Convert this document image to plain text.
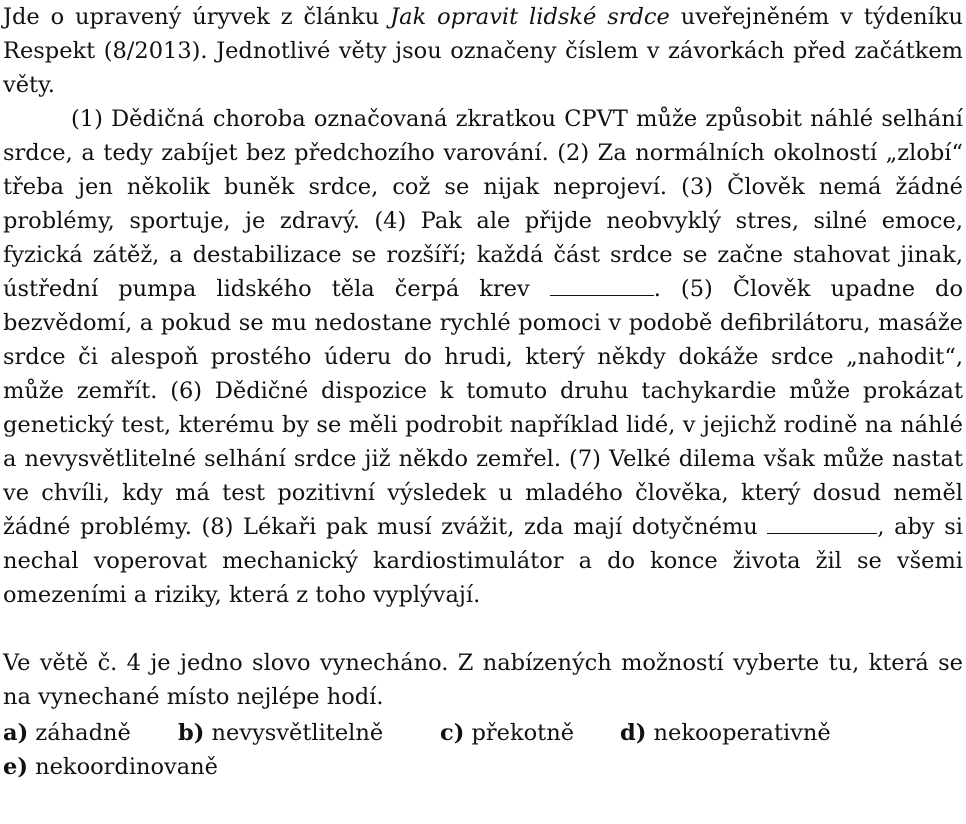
Jde o upravený úryvek z článku Jak opravit lidské srdce uveřejněném v týdeníku Respekt (8/2013). Jednotlivé věty jsou označeny číslem v závorkách před začátkem věty.

(1) Dědičná choroba označovaná zkratkou CPVT může způsobit náhlé selhání srdce, a tedy zabíjet bez předchozího varování. (2) Za normálních okolností „zlobí“ třeba jen několik buněk srdce, což se nijak neprojeví. (3) Člověk nemá žádné problémy, sportuje, je zdravý. (4) Pak ale přijde neobvyklý stres, silné emoce, fyzická zátěž, a destabilizace se rozšíří; každá část srdce se začne stahovat jinak, ústřední pumpa lidského těla čerpá krev	. (5) Člověk upadne do bezvědomí, a pokud se mu nedostane rychlé pomoci v podobě defibrilátoru, masáže srdce či alespoň prostého úderu do hrudi, který někdy dokáže srdce „nahodit“, může zemřít. (6) Dědičné dispozice k tomuto druhu tachykardie může prokázat genetický test, kterému by se měli podrobit například lidé, v jejichž rodině na náhlé a nevysvětlitelné selhání srdce již někdo zemřel. (7) Velké dilema však může nastat ve chvíli, kdy má test pozitivní výsledek u mladého člověka, který dosud neměl žádné problémy. (8) Lékaři pak musí zvážit, zda mají dotyčnému	, aby si nechal voperovat mechanický kardiostimulátor a do konce života žil se všemi omezeními a riziky, která z toho vyplývají.

Ve větě č. 4 je jedno slovo vynecháno. Z nabízených možností vyberte tu, která se na vynechané místo nejlépe hodí.

a) záhadně	b) nevysvětlitelně	c) překotně	d) nekooperativně
e) nekoordinovaně
